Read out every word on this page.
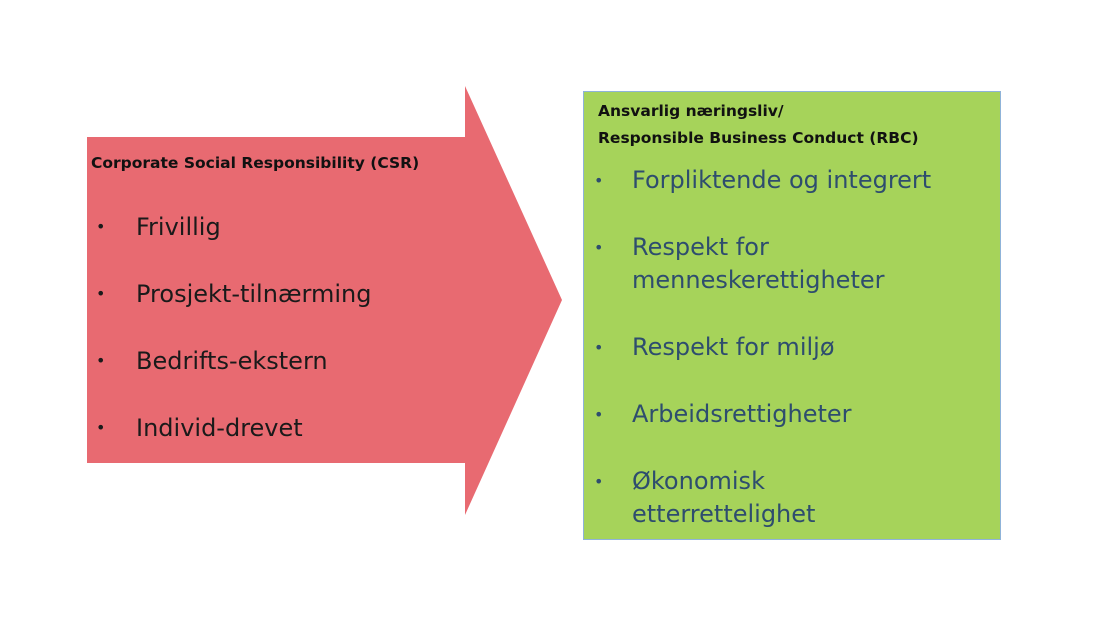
Corporate Social Responsibility (CSR)
• Frivillig
• Prosjekt-tilnærming
• Bedrifts-ekstern
• Individ-drevet
Ansvarlig næringsliv/
Responsible Business Conduct (RBC)
• Forpliktende og integrert
• Respekt for
menneskerettigheter
• Respekt for miljø
• Arbeidsrettigheter
• Økonomisk
etterrettelighet
